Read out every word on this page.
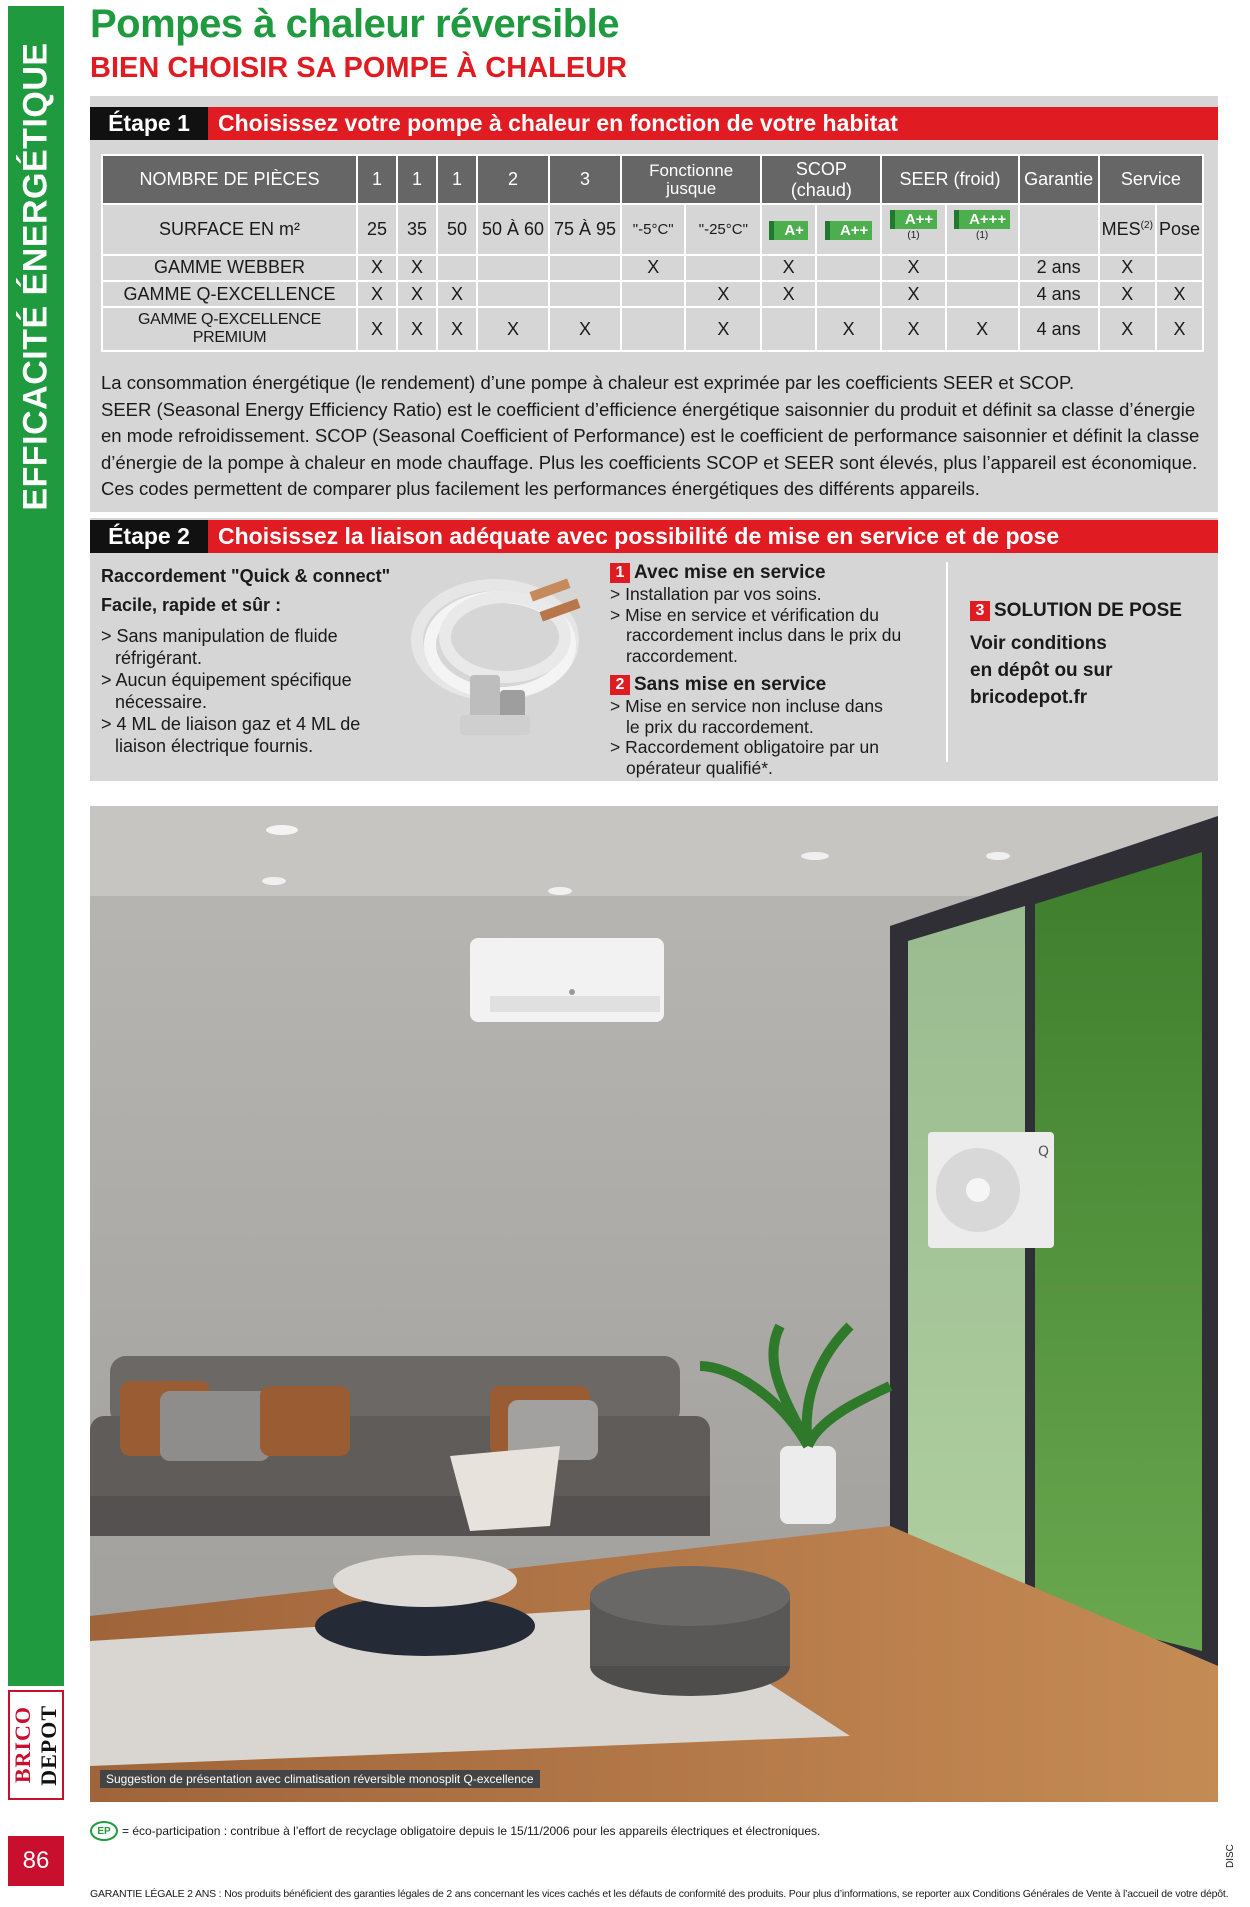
EFFICACITÉ ÉNERGÉTIQUE
BRICO DEPOT
86
Pompes à chaleur réversible
BIEN CHOISIR SA POMPE À CHALEUR
Étape 1	Choisissez votre pompe à chaleur en fonction de votre habitat
NOMBRE DE PIÈCES	1	1	1	2	3	Fonctionne jusque		SCOP (chaud)		SEER (froid)		Garantie	Service	
SURFACE EN m²	25	35	50	50 À 60	75 À 95	"-5°C"	"-25°C"	A+	A++	A++$^{(1)}$	A+++$^{(1)}$		MES$^{(2)}$	Pose
GAMME WEBBER	X	X				X		X		X		2 ans	X	
GAMME Q-EXCELLENCE	X	X	X				X	X		X		4 ans	X	X
GAMME Q-EXCELLENCE PREMIUM	X	X	X	X	X		X		X	X	X	4 ans	X	X
La consommation énergétique (le rendement) d’une pompe à chaleur est exprimée par les coefficients SEER et SCOP.
SEER (Seasonal Energy Efficiency Ratio) est le coefficient d’efficience énergétique saisonnier du produit et définit sa classe d’énergie
en mode refroidissement. SCOP (Seasonal Coefficient of Performance) est le coefficient de performance saisonnier et définit la classe
d’énergie de la pompe à chaleur en mode chauffage. Plus les coefficients SCOP et SEER sont élevés, plus l’appareil est économique.
Ces codes permettent de comparer plus facilement les performances énergétiques des différents appareils.
Étape 2	Choisissez la liaison adéquate avec possibilité de mise en service et de pose
Raccordement "Quick & connect"
Facile, rapide et sûr :
> Sans manipulation de fluide réfrigérant.
> Aucun équipement spécifique nécessaire.
> 4 ML de liaison gaz et 4 ML de liaison électrique fournis.
1 Avec mise en service
> Installation par vos soins.
> Mise en service et vérification du raccordement inclus dans le prix du raccordement.
2 Sans mise en service
> Mise en service non incluse dans le prix du raccordement.
> Raccordement obligatoire par un opérateur qualifié*.
3 SOLUTION DE POSE
Voir conditions
en dépôt ou sur
bricodepot.fr
Q
Suggestion de présentation avec climatisation réversible monosplit Q-excellence
EP = éco-participation : contribue à l’effort de recyclage obligatoire depuis le 15/11/2006 pour les appareils électriques et électroniques.
GARANTIE LÉGALE 2 ANS : Nos produits bénéficient des garanties légales de 2 ans concernant les vices cachés et les défauts de conformité des produits. Pour plus d’informations, se reporter aux Conditions Générales de Vente à l’accueil de votre dépôt.
DISC
